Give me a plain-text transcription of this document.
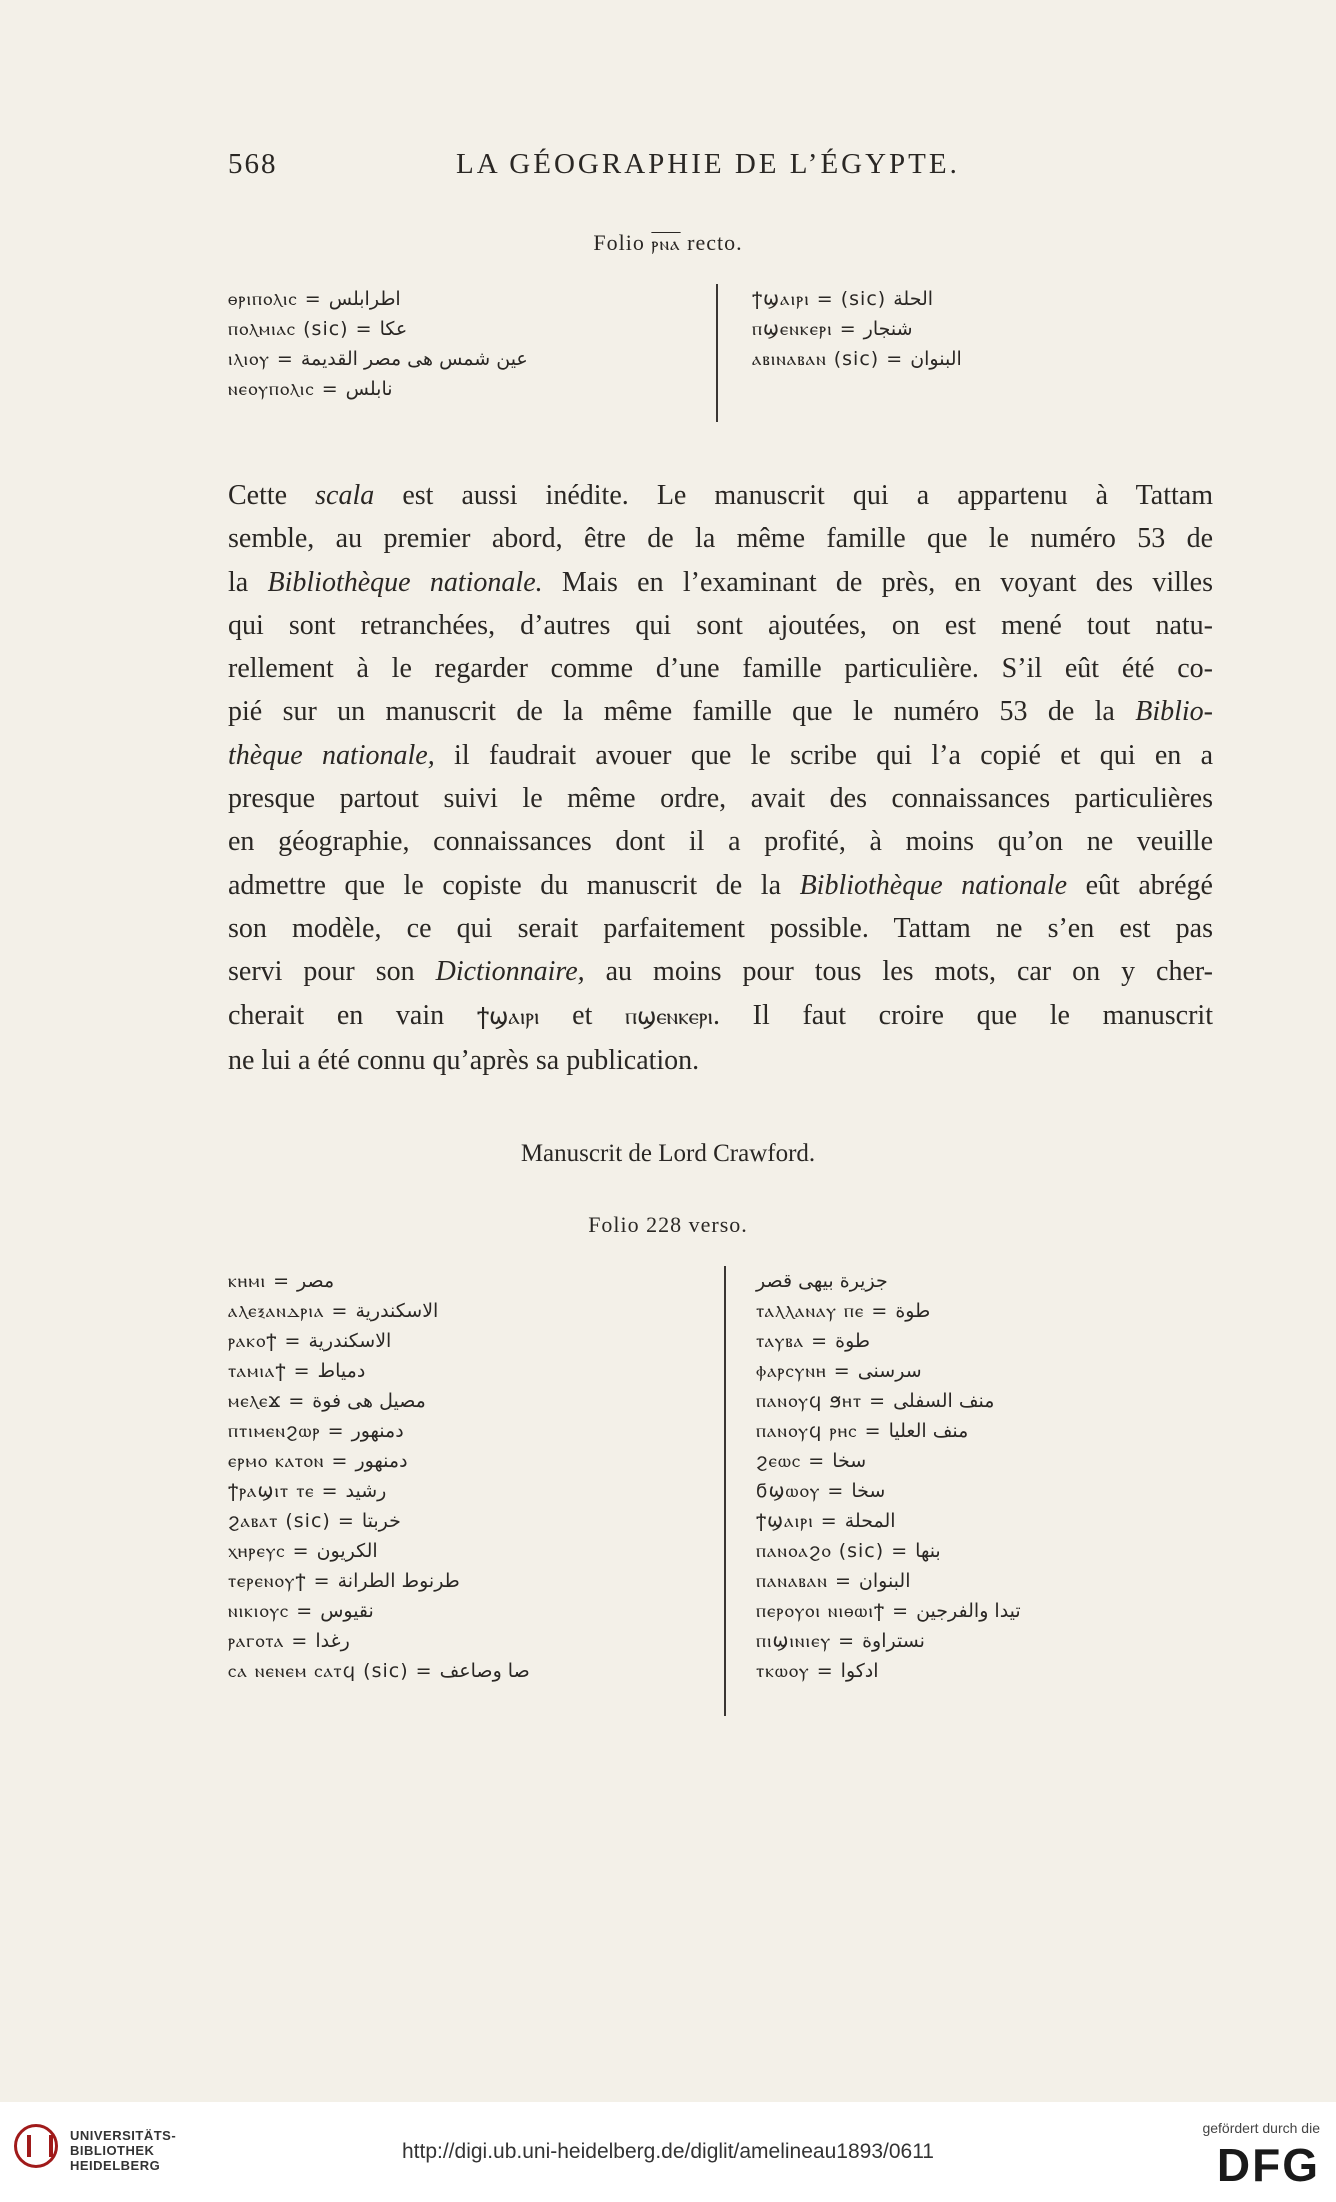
568	LA GÉOGRAPHIE DE L’ÉGYPTE.
Folio ⲣⲛⲁ recto.
ⲑⲣⲓⲡⲟⲗⲓⲥ = اطرابلس
ⲡⲟⲗⲙⲓⲁⲥ (sic) = عكا
ⲓⲗⲓⲟⲩ = عين شمس هى مصر القديمة
ⲛⲉⲟⲩⲡⲟⲗⲓⲥ = نابلس
ϯϣⲁⲓⲣⲓ = (sic) الحلة
ⲡϣⲉⲛⲕⲉⲣⲓ = شنجار
ⲁⲃⲓⲛⲁⲃⲁⲛ (sic) = البنوان
Cette scala est aussi inédite. Le manuscrit qui a appartenu à Tattam
semble, au premier abord, être de la même famille que le numéro 53 de
la Bibliothèque nationale. Mais en l’examinant de près, en voyant des villes
qui sont retranchées, d’autres qui sont ajoutées, on est mené tout natu-
rellement à le regarder comme d’une famille particulière. S’il eût été co-
pié sur un manuscrit de la même famille que le numéro 53 de la Biblio-
thèque nationale, il faudrait avouer que le scribe qui l’a copié et qui en a
presque partout suivi le même ordre, avait des connaissances particulières
en géographie, connaissances dont il a profité, à moins qu’on ne veuille
admettre que le copiste du manuscrit de la Bibliothèque nationale eût abrégé
son modèle, ce qui serait parfaitement possible. Tattam ne s’en est pas
servi pour son Dictionnaire, au moins pour tous les mots, car on y cher-
cherait en vain ϯϣⲁⲓⲣⲓ et ⲡϣⲉⲛⲕⲉⲣⲓ. Il faut croire que le manuscrit
ne lui a été connu qu’après sa publication.
Manuscrit de Lord Crawford.
Folio 228 verso.
ⲕⲏⲙⲓ = مصر
ⲁⲗⲉⲝⲁⲛⲇⲣⲓⲁ = الاسكندرية
ⲣⲁⲕⲟϯ = الاسكندرية
ⲧⲁⲙⲓⲁϯ = دمياط
ⲙⲉⲗⲉϫ = مصيل هى فوة
ⲡⲧⲓⲙⲉⲛϩⲱⲣ = دمنهور
ⲉⲣⲙⲟ ⲕⲁⲧⲟⲛ = دمنهور
ϯⲣⲁϣⲓⲧ ⲧⲉ = رشيد
ϩⲁⲃⲁⲧ (sic) = خربتا
ⲭⲏⲣⲉⲩⲥ = الكريون
ⲧⲉⲣⲉⲛⲟⲩϯ = طرنوط الطرانة
ⲛⲓⲕⲓⲟⲩⲥ = نقيوس
ⲣⲁⲅⲟⲧⲁ = رغدا
ⲥⲁ ⲛⲉⲛⲉⲙ ⲥⲁⲧϥ (sic) = صا وصاعف
جزيرة بيهى قصر
ⲧⲁⲗⲗⲁⲛⲁⲩ ⲡⲉ = طوة
ⲧⲁⲩⲃⲁ = طوة
ⲫⲁⲣⲥⲩⲛⲏ = سرسنى
ⲡⲁⲛⲟⲩϥ ϧⲏⲧ = منف السفلى
ⲡⲁⲛⲟⲩϥ ⲣⲏⲥ = منف العليا
ϩⲉⲱⲥ = سخا
ϭϣⲱⲟⲩ = سخا
ϯϣⲁⲓⲣⲓ = المحلة
ⲡⲁⲛⲟⲁϩⲟ (sic) = بنها
ⲡⲁⲛⲁⲃⲁⲛ = البنوان
ⲡⲉⲣⲟⲩⲟⲓ ⲛⲓⲑⲱⲓϯ = تيدا والفرجين
ⲡⲓϣⲓⲛⲓⲉⲩ = نستراوة
ⲧⲕⲱⲟⲩ = ادكوا
UNIVERSITÄTS-
BIBLIOTHEK
HEIDELBERG
http://digi.ub.uni-heidelberg.de/diglit/amelineau1893/0611
gefördert durch die
DFG
